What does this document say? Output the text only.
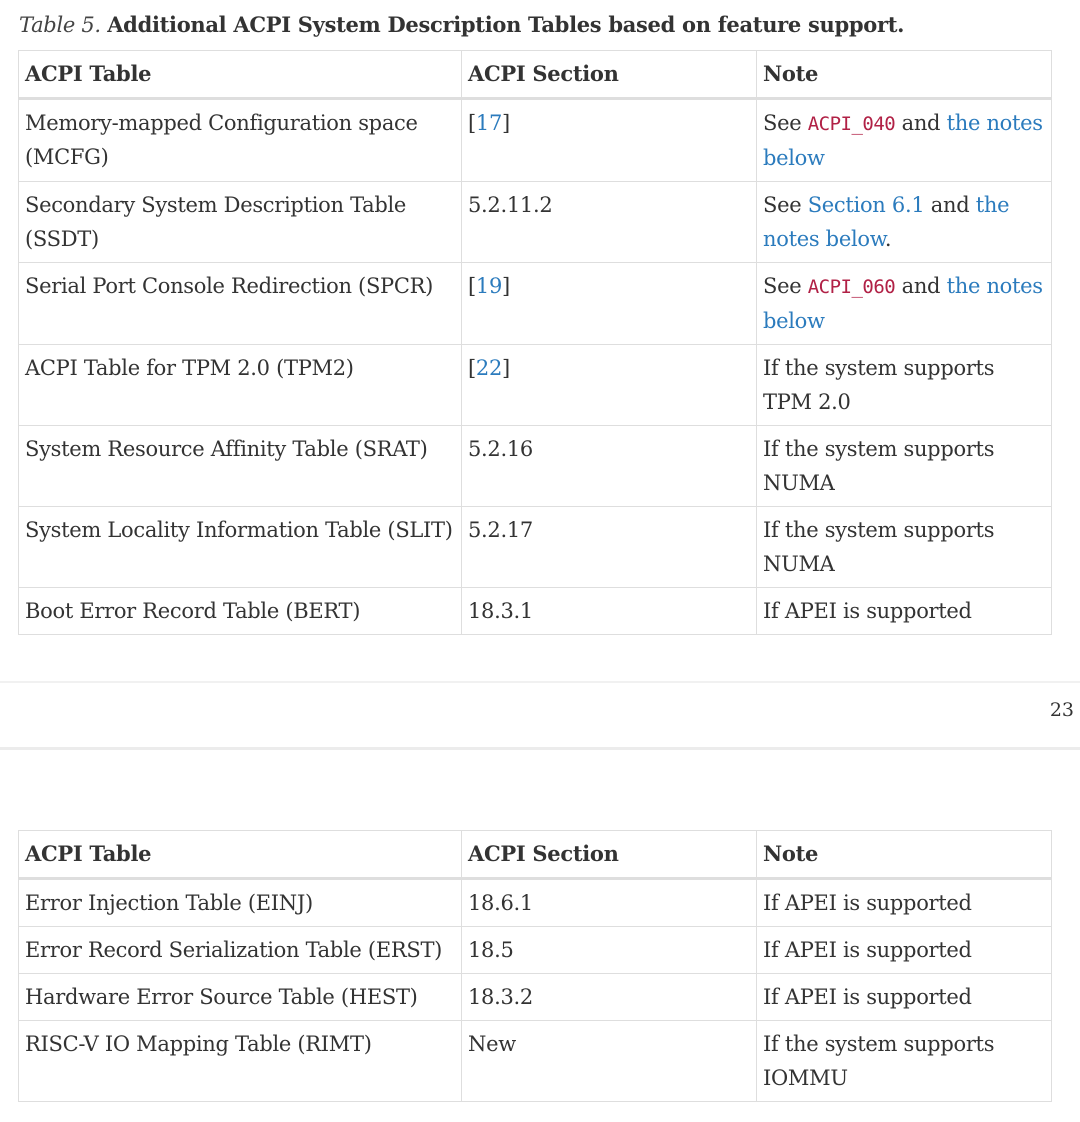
Table 5. Additional ACPI System Description Tables based on feature support.
ACPI Table	ACPI Section	Note
Memory-mapped Configuration space (MCFG)	[17]	See ACPI_040 and the notes below
Secondary System Description Table (SSDT)	5.2.11.2	See Section 6.1 and the notes below.
Serial Port Console Redirection (SPCR)	[19]	See ACPI_060 and the notes below
ACPI Table for TPM 2.0 (TPM2)	[22]	If the system supports TPM 2.0
System Resource Affinity Table (SRAT)	5.2.16	If the system supports NUMA
System Locality Information Table (SLIT)	5.2.17	If the system supports NUMA
Boot Error Record Table (BERT)	18.3.1	If APEI is supported
23
ACPI Table	ACPI Section	Note
Error Injection Table (EINJ)	18.6.1	If APEI is supported
Error Record Serialization Table (ERST)	18.5	If APEI is supported
Hardware Error Source Table (HEST)	18.3.2	If APEI is supported
RISC-V IO Mapping Table (RIMT)	New	If the system supports IOMMU
